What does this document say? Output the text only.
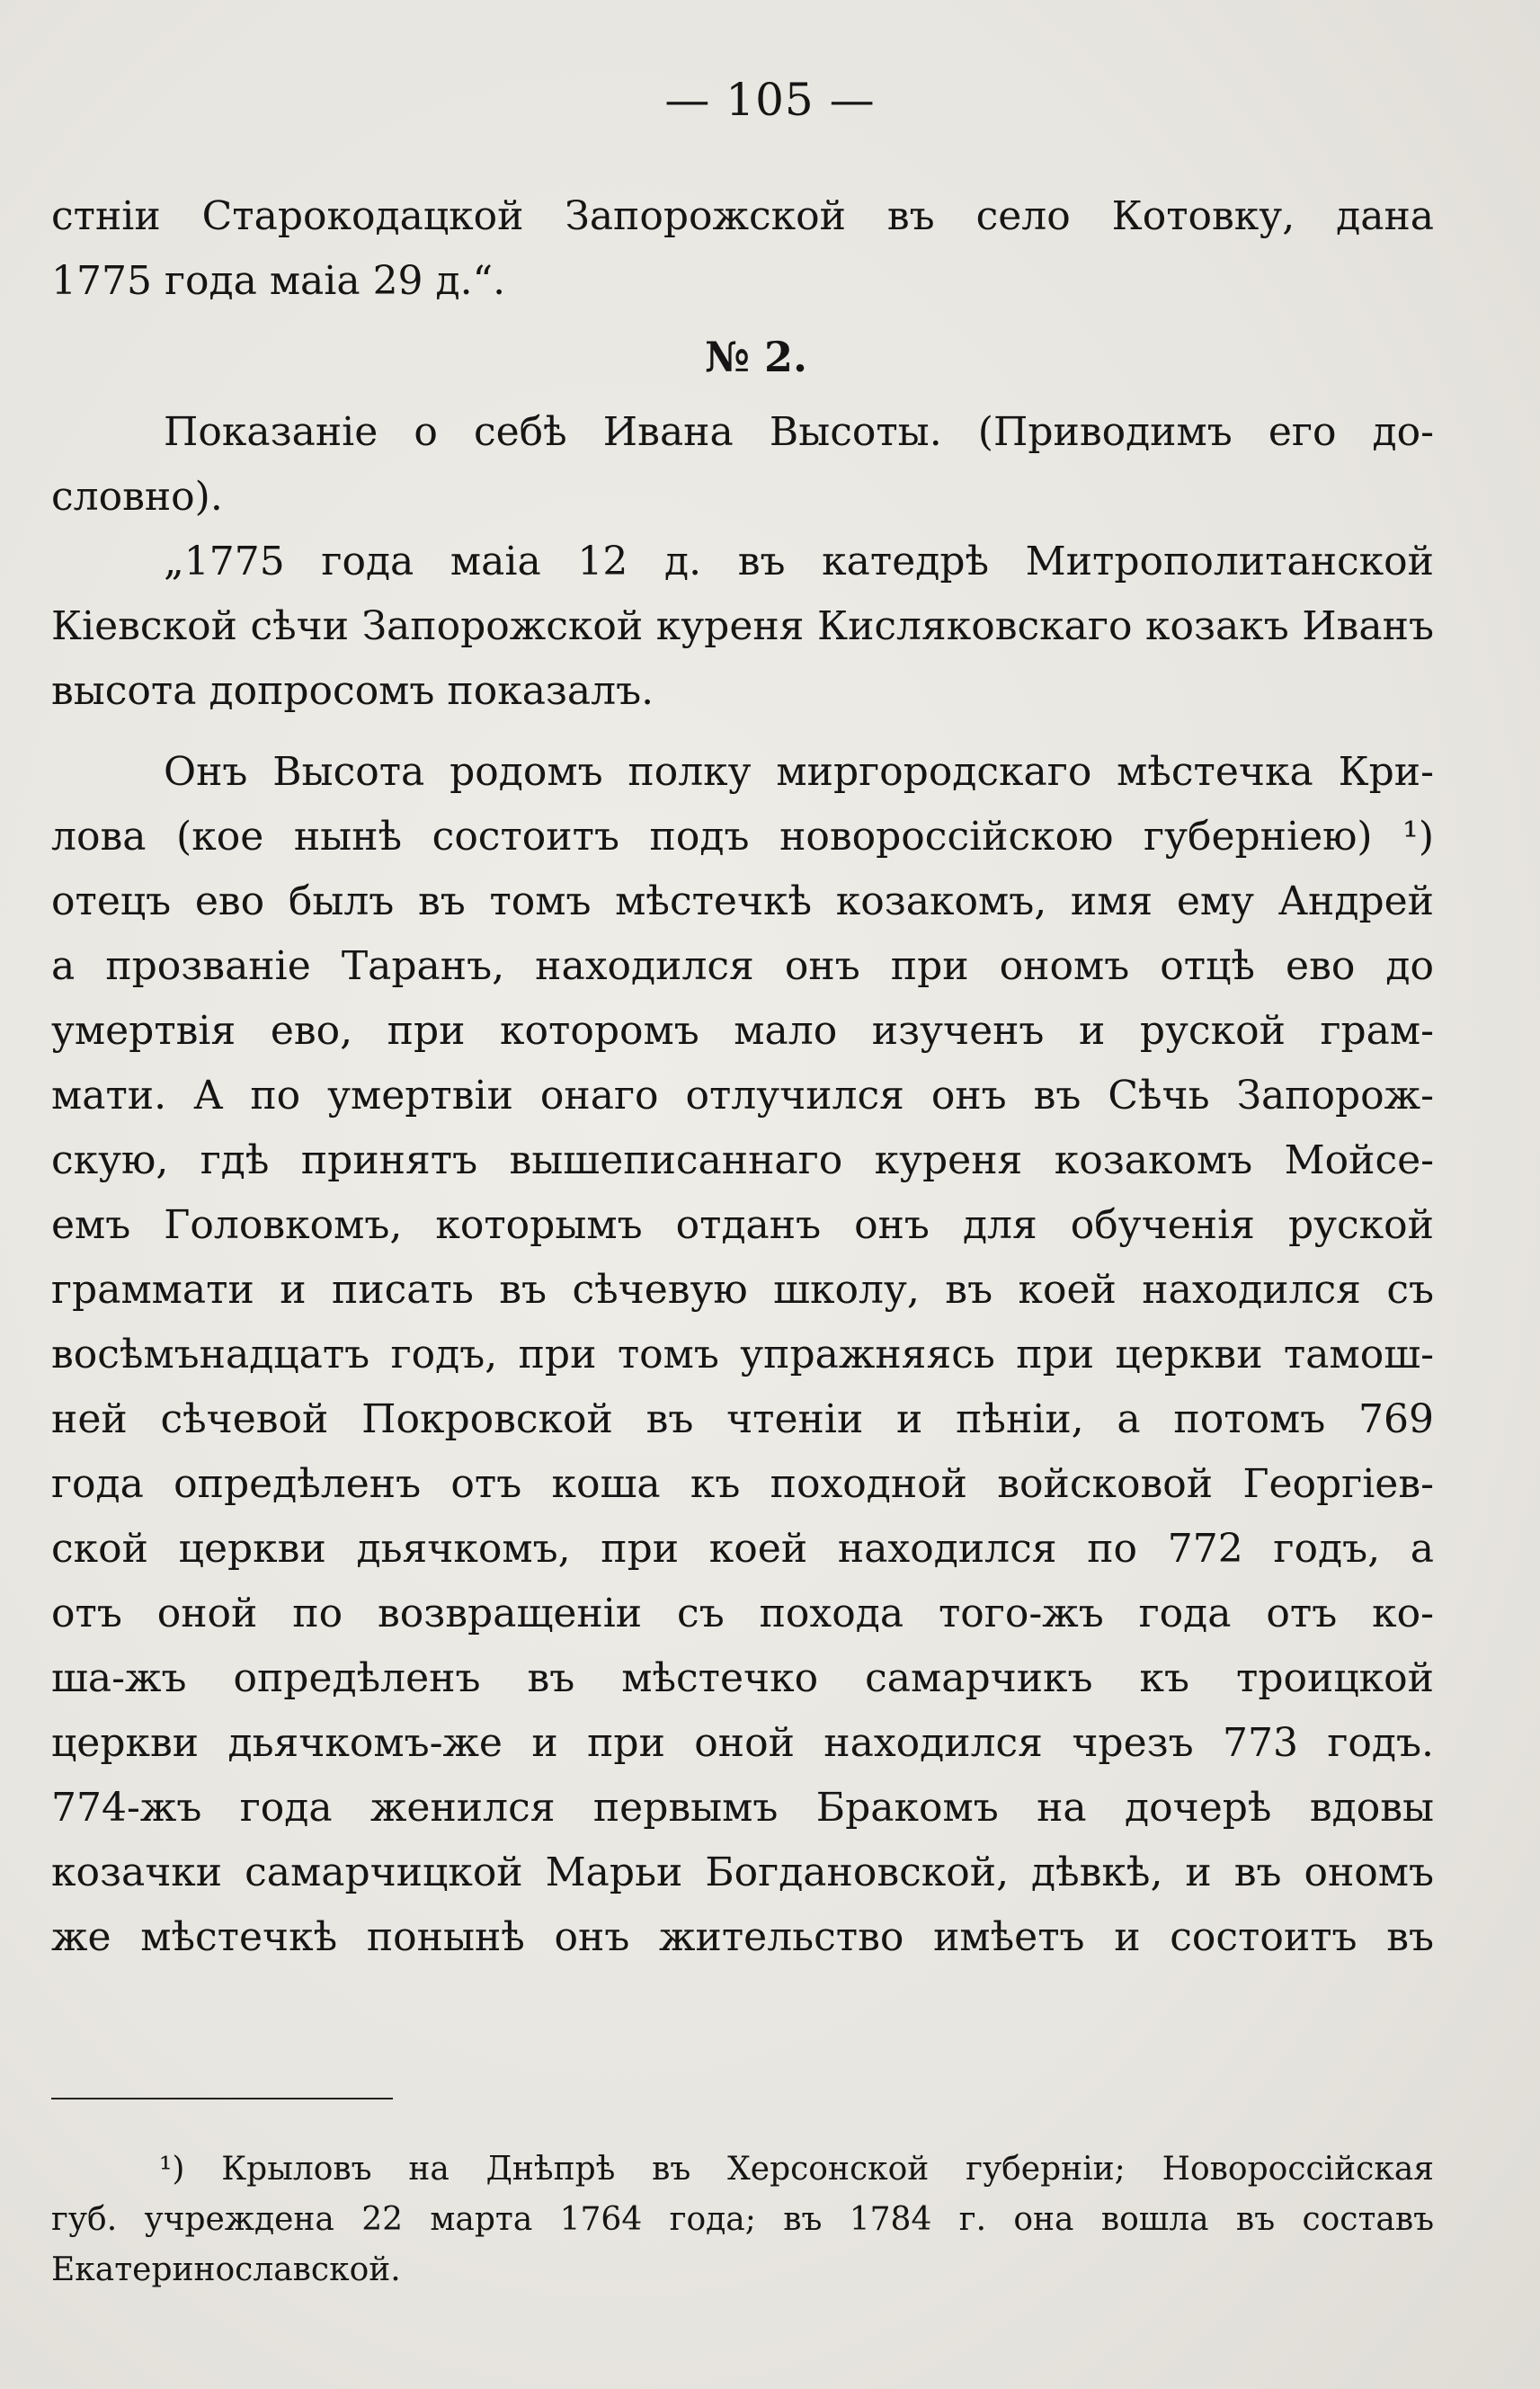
— 105 —
стніи Старокодацкой Запорожской въ село Котовку, дана
1775 года маіа 29 д.“.
№ 2.
Показаніе о себѣ Ивана Высоты. (Приводимъ его до-
словно).
„1775 года маіа 12 д. въ катедрѣ Митрополитанской
Кіевской сѣчи Запорожской куреня Кисляковскаго козакъ Иванъ
высота допросомъ показалъ.
Онъ Высота родомъ полку миргородскаго мѣстечка Кри-
лова (кое нынѣ состоитъ подъ новороссійскою губерніею) ¹)
отецъ ево былъ въ томъ мѣстечкѣ козакомъ, имя ему Андрей
а прозваніе Таранъ, находился онъ при ономъ отцѣ ево до
умертвія ево, при которомъ мало изученъ и руской грам-
мати. А по умертвіи онаго отлучился онъ въ Сѣчь Запорож-
скую, гдѣ принятъ вышеписаннаго куреня козакомъ Мойсе-
емъ Головкомъ, которымъ отданъ онъ для обученія руской
граммати и писать въ сѣчевую школу, въ коей находился съ
восѣмънадцатъ годъ, при томъ упражняясь при церкви тамош-
ней сѣчевой Покровской въ чтеніи и пѣніи, а потомъ 769
года опредѣленъ отъ коша къ походной войсковой Георгіев-
ской церкви дьячкомъ, при коей находился по 772 годъ, а
отъ оной по возвращеніи съ похода того-жъ года отъ ко-
ша-жъ опредѣленъ въ мѣстечко самарчикъ къ троицкой
церкви дьячкомъ-же и при оной находился чрезъ 773 годъ.
774-жъ года женился первымъ Бракомъ на дочерѣ вдовы
козачки самарчицкой Марьи Богдановской, дѣвкѣ, и въ ономъ
же мѣстечкѣ понынѣ онъ жительство имѣетъ и состоитъ въ
¹) Крыловъ на Днѣпрѣ въ Херсонской губерніи; Новороссійская
губ. учреждена 22 марта 1764 года; въ 1784 г. она вошла въ составъ
Екатеринославской.
